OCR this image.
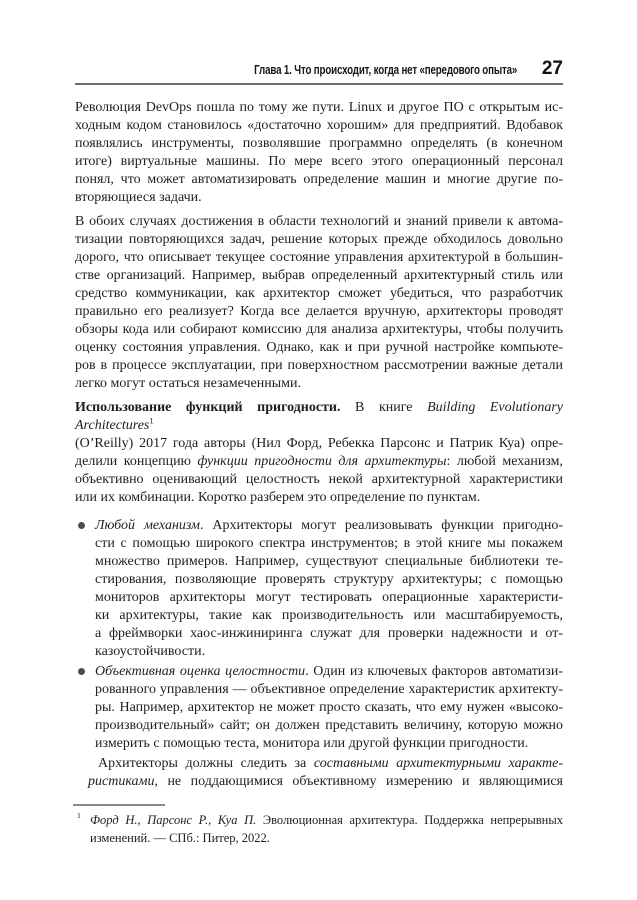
Глава 1. Что происходит, когда нет «передового опыта» 27
Революция DevOps пошла по тому же пути. Linux и другое ПО с открытым ис-
ходным кодом становилось «достаточно хорошим» для предприятий. Вдобавок
появлялись инструменты, позволявшие программно определять (в конечном
итоге) виртуальные машины. По мере всего этого операционный персонал
понял, что может автоматизировать определение машин и многие другие по-
вторяющиеся задачи.
В обоих случаях достижения в области технологий и знаний привели к автома-
тизации повторяющихся задач, решение которых прежде обходилось довольно
дорого, что описывает текущее состояние управления архитектурой в большин-
стве организаций. Например, выбрав определенный архитектурный стиль или
средство коммуникации, как архитектор сможет убедиться, что разработчик
правильно его реализует? Когда все делается вручную, архитекторы проводят
обзоры кода или собирают комиссию для анализа архитектуры, чтобы получить
оценку состояния управления. Однако, как и при ручной настройке компьюте-
ров в процессе эксплуатации, при поверхностном рассмотрении важные детали
легко могут остаться незамеченными.
Использование функций пригодности. В книге Building Evolutionary Architectures$^1$
(O’Reilly) 2017 года авторы (Нил Форд, Ребекка Парсонс и Патрик Куа) опре-
делили концепцию функции пригодности для архитектуры: любой механизм,
объективно оценивающий целостность некой архитектурной характеристики
или их комбинации. Коротко разберем это определение по пунктам.
Любой механизм. Архитекторы могут реализовывать функции пригодно-
сти с помощью широкого спектра инструментов; в этой книге мы покажем
множество примеров. Например, существуют специальные библиотеки те-
стирования, позволяющие проверять структуру архитектуры; с помощью
мониторов архитекторы могут тестировать операционные характеристи-
ки архитектуры, такие как производительность или масштабируемость,
а фреймворки хаос-инжиниринга служат для проверки надежности и от-
казоустойчивости.
Объективная оценка целостности. Один из ключевых факторов автоматизи-
рованного управления — объективное определение характеристик архитекту-
ры. Например, архитектор не может просто сказать, что ему нужен «высоко-
производительный» сайт; он должен представить величину, которую можно
измерить с помощью теста, монитора или другой функции пригодности.
Архитекторы должны следить за составными архитектурными характе-
ристиками, не поддающимися объективному измерению и являющимися
1 Форд Н., Парсонс Р., Куа П. Эволюционная архитектура. Поддержка непрерывных
изменений. — СПб.: Питер, 2022.
